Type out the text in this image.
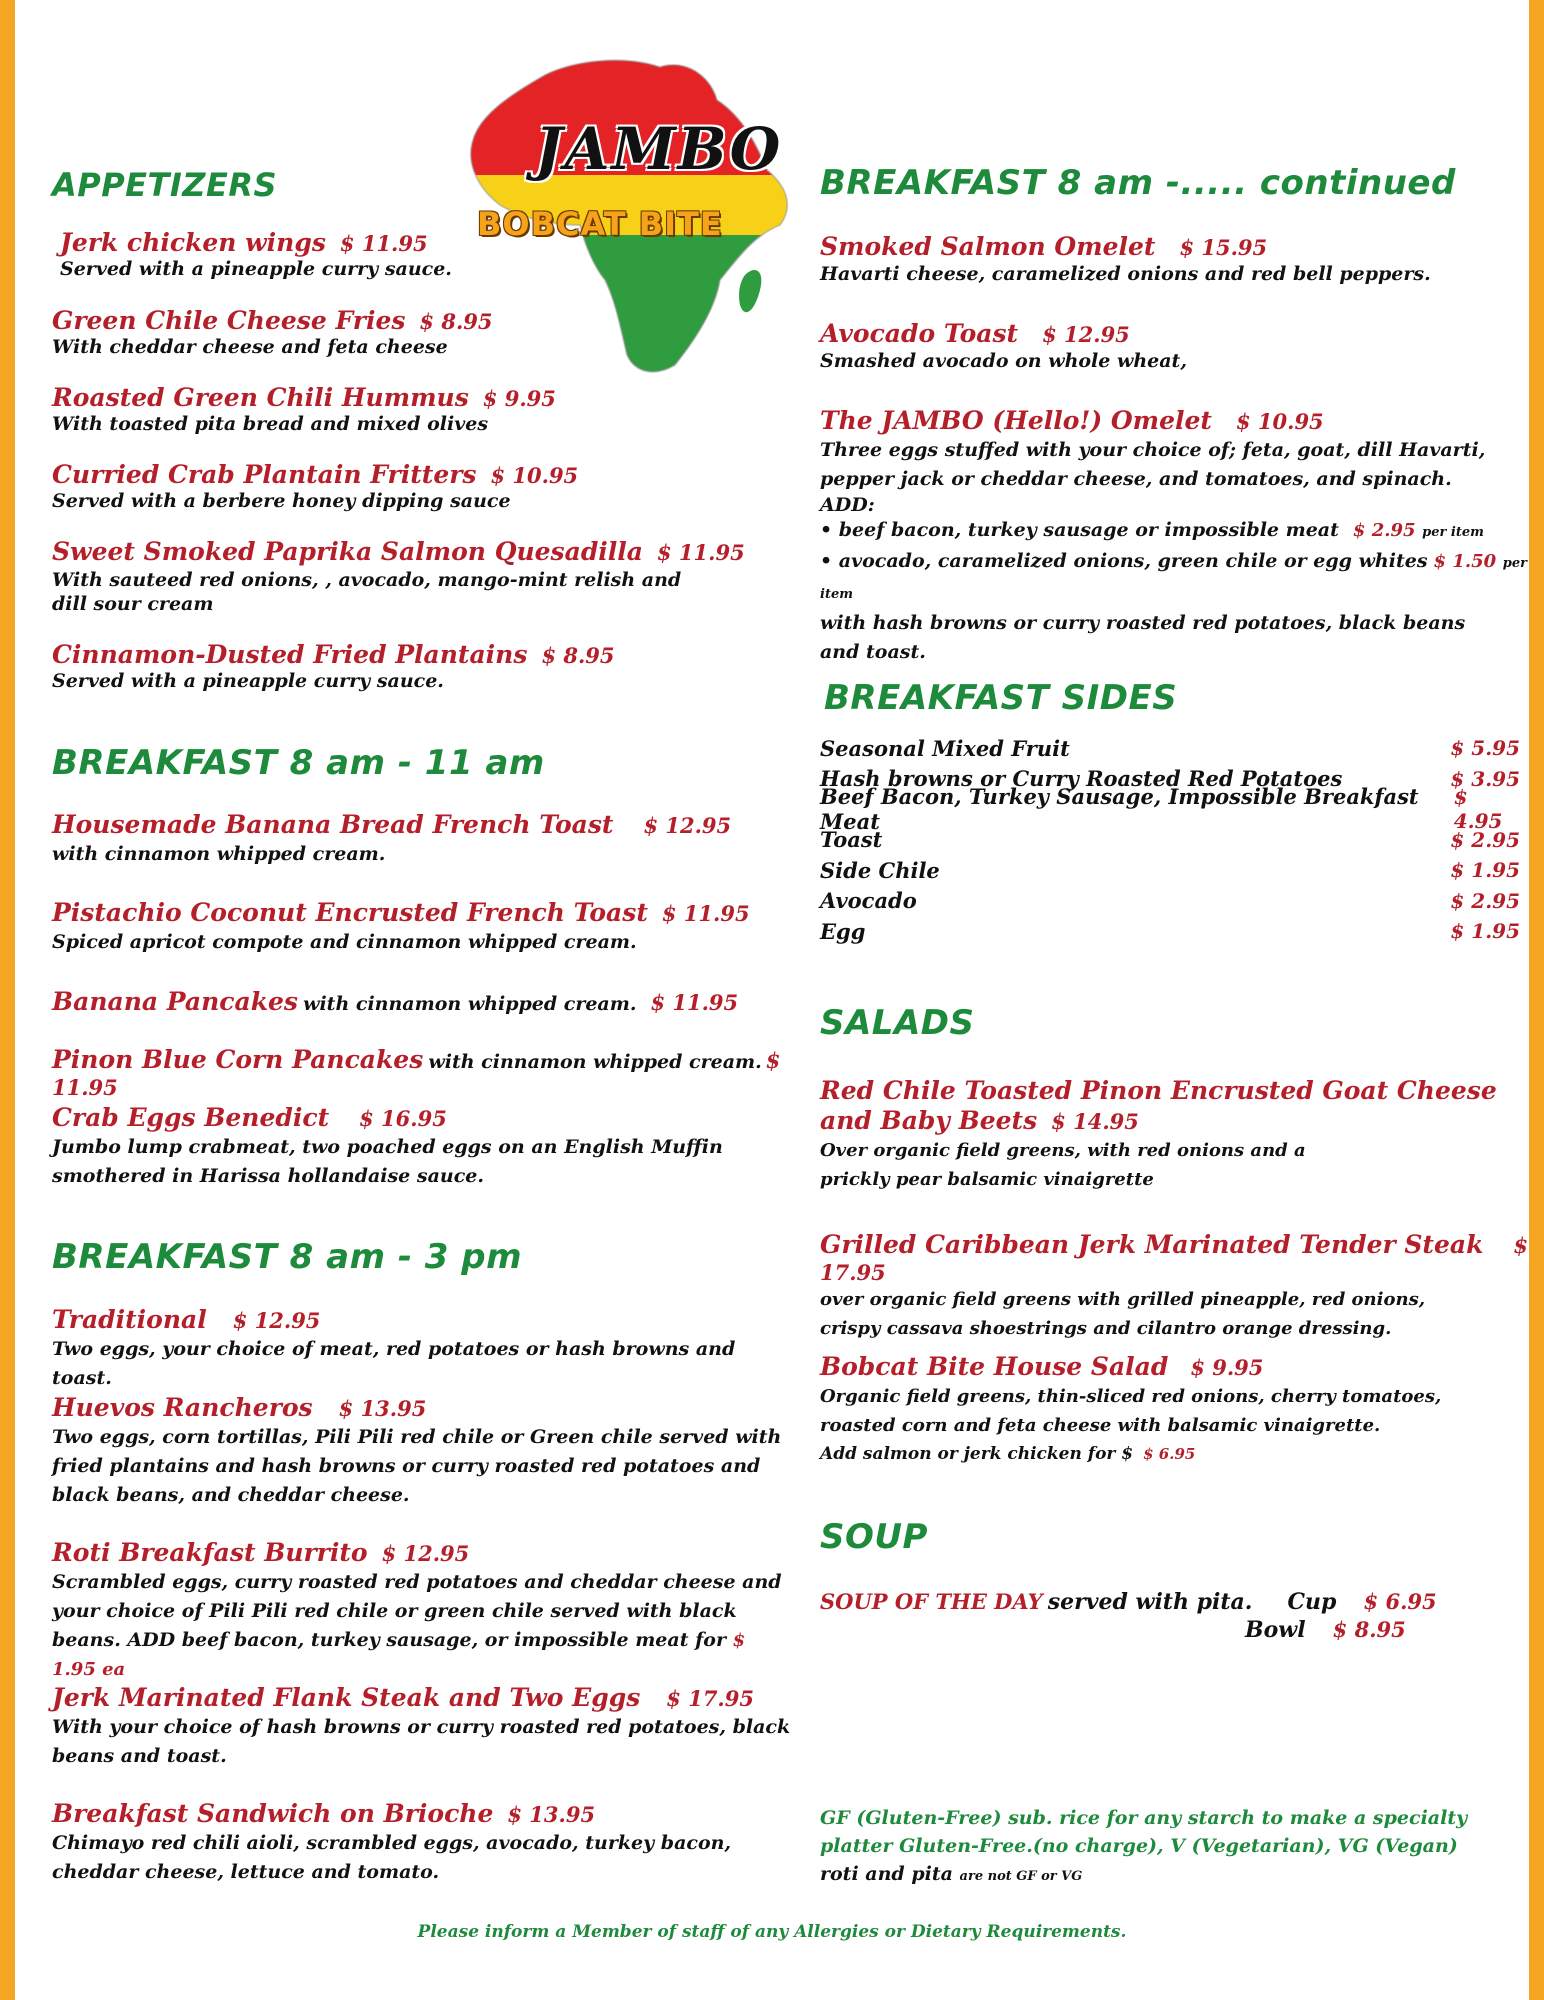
JAMBO
BOBCAT BITE
APPETIZERS
Jerk chicken wings $ 11.95
Served with a pineapple curry sauce.
Green Chile Cheese Fries $ 8.95
With cheddar cheese and feta cheese
Roasted Green Chili Hummus $ 9.95
With toasted pita bread and mixed olives
Curried Crab Plantain Fritters $ 10.95
Served with a berbere honey dipping sauce
Sweet Smoked Paprika Salmon Quesadilla $ 11.95
With sauteed red onions, , avocado, mango-mint relish and
dill sour cream
Cinnamon-Dusted Fried Plantains $ 8.95
Served with a pineapple curry sauce.
BREAKFAST 8 am - 11 am
Housemade Banana Bread French Toast $ 12.95
with cinnamon whipped cream.
Pistachio Coconut Encrusted French Toast $ 11.95
Spiced apricot compote and cinnamon whipped cream.
Banana Pancakes with cinnamon whipped cream. $ 11.95
Pinon Blue Corn Pancakes with cinnamon whipped cream. $ 11.95
Crab Eggs Benedict $ 16.95
Jumbo lump crabmeat, two poached eggs on an English Muffin
smothered in Harissa hollandaise sauce.
BREAKFAST 8 am - 3 pm
Traditional $ 12.95
Two eggs, your choice of meat, red potatoes or hash browns and toast.
Huevos Rancheros $ 13.95
Two eggs, corn tortillas, Pili Pili red chile or Green chile served with
fried plantains and hash browns or curry roasted red potatoes and
black beans, and cheddar cheese.
Roti Breakfast Burrito $ 12.95
Scrambled eggs, curry roasted red potatoes and cheddar cheese and
your choice of Pili Pili red chile or green chile served with black
beans. ADD beef bacon, turkey sausage, or impossible meat for $ 1.95 ea
Jerk Marinated Flank Steak and Two Eggs $ 17.95
With your choice of hash browns or curry roasted red potatoes, black
beans and toast.
Breakfast Sandwich on Brioche $ 13.95
Chimayo red chili aioli, scrambled eggs, avocado, turkey bacon,
cheddar cheese, lettuce and tomato.
BREAKFAST 8 am -..... continued
Smoked Salmon Omelet $ 15.95
Havarti cheese, caramelized onions and red bell peppers.
Avocado Toast $ 12.95
Smashed avocado on whole wheat,
The JAMBO (Hello!) Omelet $ 10.95
Three eggs stuffed with your choice of; feta, goat, dill Havarti,
pepper jack or cheddar cheese, and tomatoes, and spinach.
ADD:
• beef bacon, turkey sausage or impossible meat $ 2.95 per item
• avocado, caramelized onions, green chile or egg whites $ 1.50 per item
with hash browns or curry roasted red potatoes, black beans
and toast.
BREAKFAST SIDES
Seasonal Mixed Fruit	$ 5.95
Hash browns or Curry Roasted Red Potatoes	$ 3.95
Beef Bacon, Turkey Sausage, Impossible Breakfast Meat
$ 4.95
Toast	$ 2.95
Side Chile	$ 1.95
Avocado	$ 2.95
Egg	$ 1.95
SALADS
Red Chile Toasted Pinon Encrusted Goat Cheese
and Baby Beets $ 14.95
Over organic field greens, with red onions and a
prickly pear balsamic vinaigrette
Grilled Caribbean Jerk Marinated Tender Steak $ 17.95
over organic field greens with grilled pineapple, red onions,
crispy cassava shoestrings and cilantro orange dressing.
Bobcat Bite House Salad $ 9.95
Organic field greens, thin-sliced red onions, cherry tomatoes,
roasted corn and feta cheese with balsamic vinaigrette.
Add salmon or jerk chicken for $ $ 6.95
SOUP
SOUP OF THE DAY served with pita. Cup $ 6.95
Bowl $ 8.95
GF (Gluten-Free) sub. rice for any starch to make a specialty
platter Gluten-Free.(no charge), V (Vegetarian), VG (Vegan)
roti and pita are not GF or VG
Please inform a Member of staff of any Allergies or Dietary Requirements.
